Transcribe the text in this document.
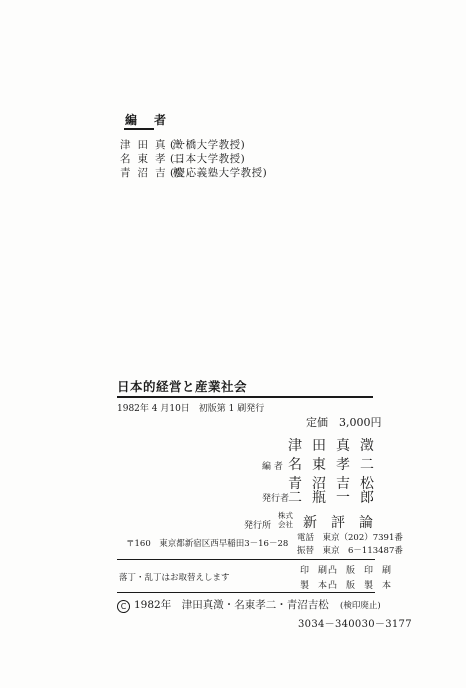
編者
津田真澂(一橋大学教授)
名東孝二(日本大学教授)
青沼吉松(慶応義塾大学教授)
日本的経営と産業社会
1982年 4 月10日　初版第 1 刷発行
定価　3,000円
編 者
津田真澂
名東孝二
青沼吉松
発行者
二瓶一郎
発行所
株式
会社 新　評　論
〒160　東京都新宿区西早稲田3－16－28
電話　東京（202）7391番
振替　東京　6－113487番
印刷
凸版印刷
製本
凸版製本
落丁・乱丁はお取替えします
C 1982年　津田真澂・名東孝二・青沼吉松 (検印廃止)
3034－340030－3177
